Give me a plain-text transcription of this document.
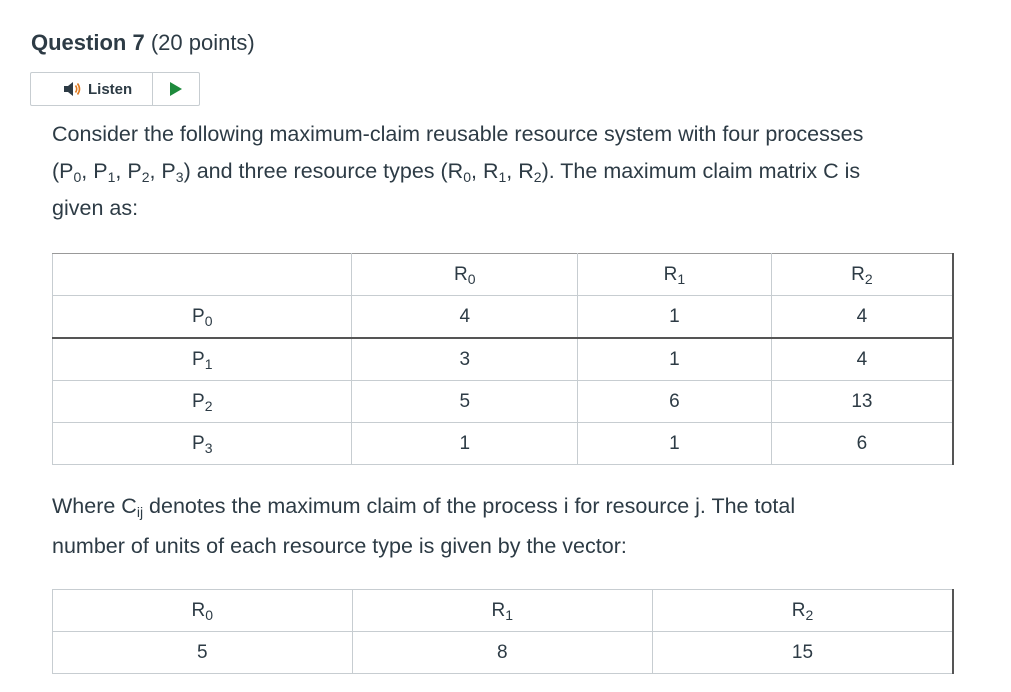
Question 7 (20 points)
Listen
Consider the following maximum-claim reusable resource system with four processes
($P_0$, $P_1$, $P_2$, $P_3$) and three resource types ($R_0$, $R_1$, $R_2$). The maximum claim matrix C is
given as:
	$R_0$	$R_1$	$R_2$
$P_0$	4	1	4
$P_1$	3	1	4
$P_2$	5	6	13
$P_3$	1	1	6
Where $C_{ij}$ denotes the maximum claim of the process i for resource j. The total
number of units of each resource type is given by the vector:
$R_0$	$R_1$	$R_2$
5	8	15
